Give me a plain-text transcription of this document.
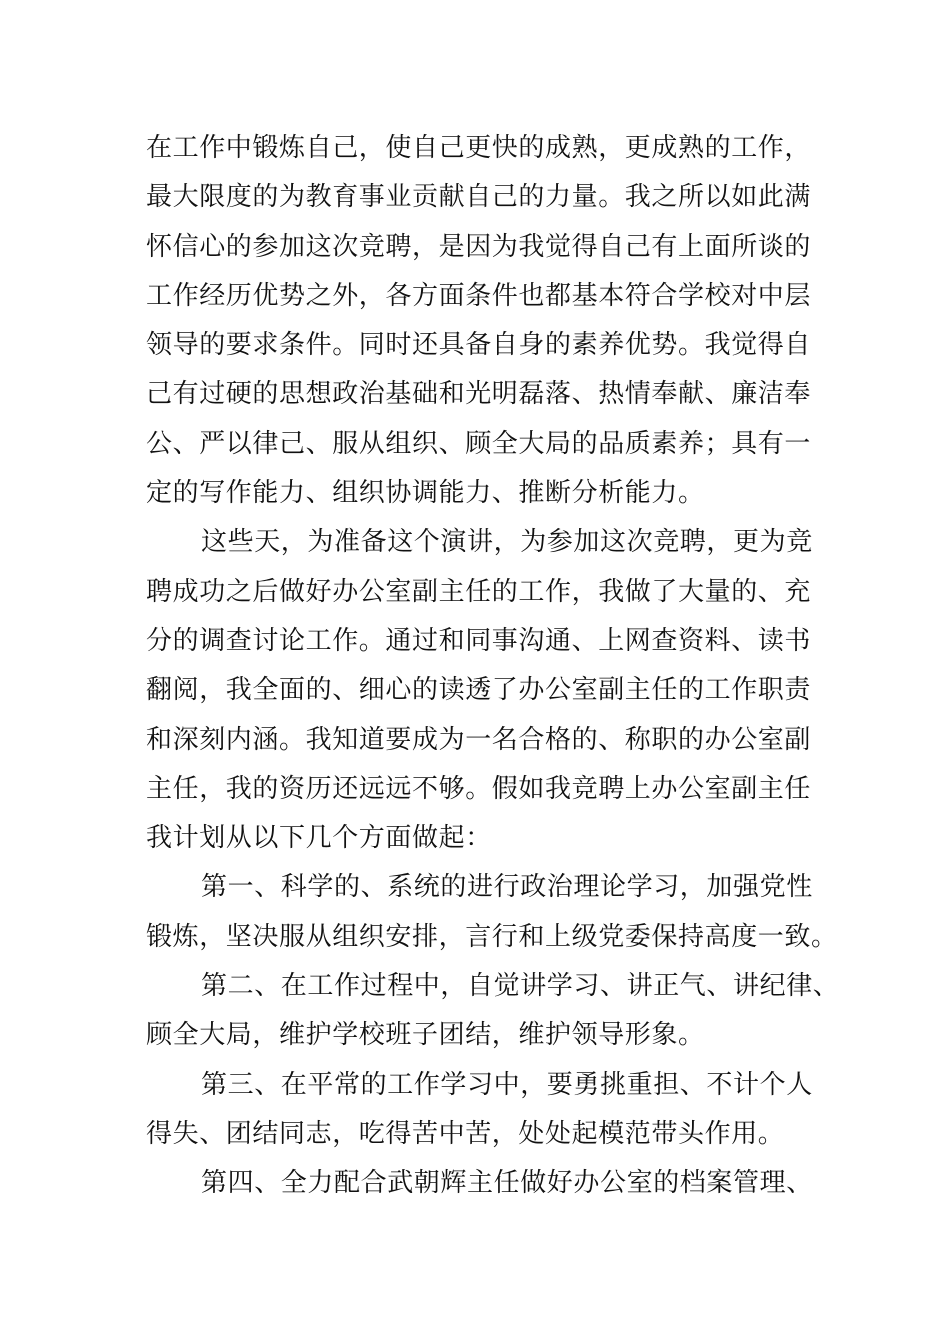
在工作中锻炼自己，使自己更快的成熟，更成熟的工作，
最大限度的为教育事业贡献自己的力量。我之所以如此满
怀信心的参加这次竞聘，是因为我觉得自己有上面所谈的
工作经历优势之外，各方面条件也都基本符合学校对中层
领导的要求条件。同时还具备自身的素养优势。我觉得自
己有过硬的思想政治基础和光明磊落、热情奉献、廉洁奉
公、严以律己、服从组织、顾全大局的品质素养；具有一
定的写作能力、组织协调能力、推断分析能力。
这些天，为准备这个演讲，为参加这次竞聘，更为竞
聘成功之后做好办公室副主任的工作，我做了大量的、充
分的调查讨论工作。通过和同事沟通、上网查资料、读书
翻阅，我全面的、细心的读透了办公室副主任的工作职责
和深刻内涵。我知道要成为一名合格的、称职的办公室副
主任，我的资历还远远不够。假如我竞聘上办公室副主任
我计划从以下几个方面做起：
第一、科学的、系统的进行政治理论学习，加强党性
锻炼，坚决服从组织安排，言行和上级党委保持高度一致。
第二、在工作过程中，自觉讲学习、讲正气、讲纪律、
顾全大局，维护学校班子团结，维护领导形象。
第三、在平常的工作学习中，要勇挑重担、不计个人
得失、团结同志，吃得苦中苦，处处起模范带头作用。
第四、全力配合武朝辉主任做好办公室的档案管理、
